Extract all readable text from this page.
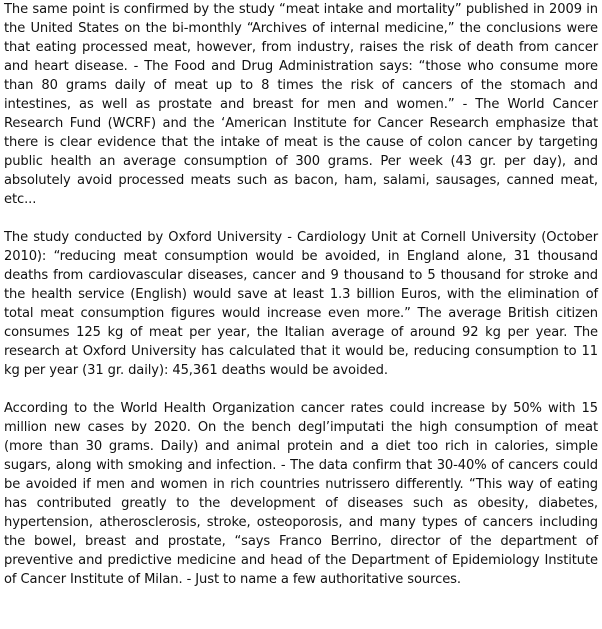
The same point is confirmed by the study “meat intake and mortality” published in 2009 in the United States on the bi-monthly “Archives of internal medicine,” the conclusions were that eating processed meat, however, from industry, raises the risk of death from cancer and heart disease. - The Food and Drug Administration says: “those who consume more than 80 grams daily of meat up to 8 times the risk of cancers of the stomach and intestines, as well as prostate and breast for men and women.” - The World Cancer Research Fund (WCRF) and the ‘American Institute for Cancer Research emphasize that there is clear evidence that the intake of meat is the cause of colon cancer by targeting public health an average consumption of 300 grams. Per week (43 gr. per day), and absolutely avoid processed meats such as bacon, ham, salami, sausages, canned meat, etc...

The study conducted by Oxford University - Cardiology Unit at Cornell University (October 2010): “reducing meat consumption would be avoided, in England alone, 31 thousand deaths from cardiovascular diseases, cancer and 9 thousand to 5 thousand for stroke and the health service (English) would save at least 1.3 billion Euros, with the elimination of total meat consumption figures would increase even more.” The average British citizen consumes 125 kg of meat per year, the Italian average of around 92 kg per year. The research at Oxford University has calculated that it would be, reducing consumption to 11 kg per year (31 gr. daily): 45,361 deaths would be avoided.

According to the World Health Organization cancer rates could increase by 50% with 15 million new cases by 2020. On the bench degl’imputati the high consumption of meat (more than 30 grams. Daily) and animal protein and a diet too rich in calories, simple sugars, along with smoking and infection. - The data confirm that 30-40% of cancers could be avoided if men and women in rich countries nutrissero differently. “This way of eating has contributed greatly to the development of diseases such as obesity, diabetes, hypertension, atherosclerosis, stroke, osteoporosis, and many types of cancers including the bowel, breast and prostate, “says Franco Berrino, director of the department of preventive and predictive medicine and head of the Department of Epidemiology Institute of Cancer Institute of Milan. - Just to name a few authoritative sources.
